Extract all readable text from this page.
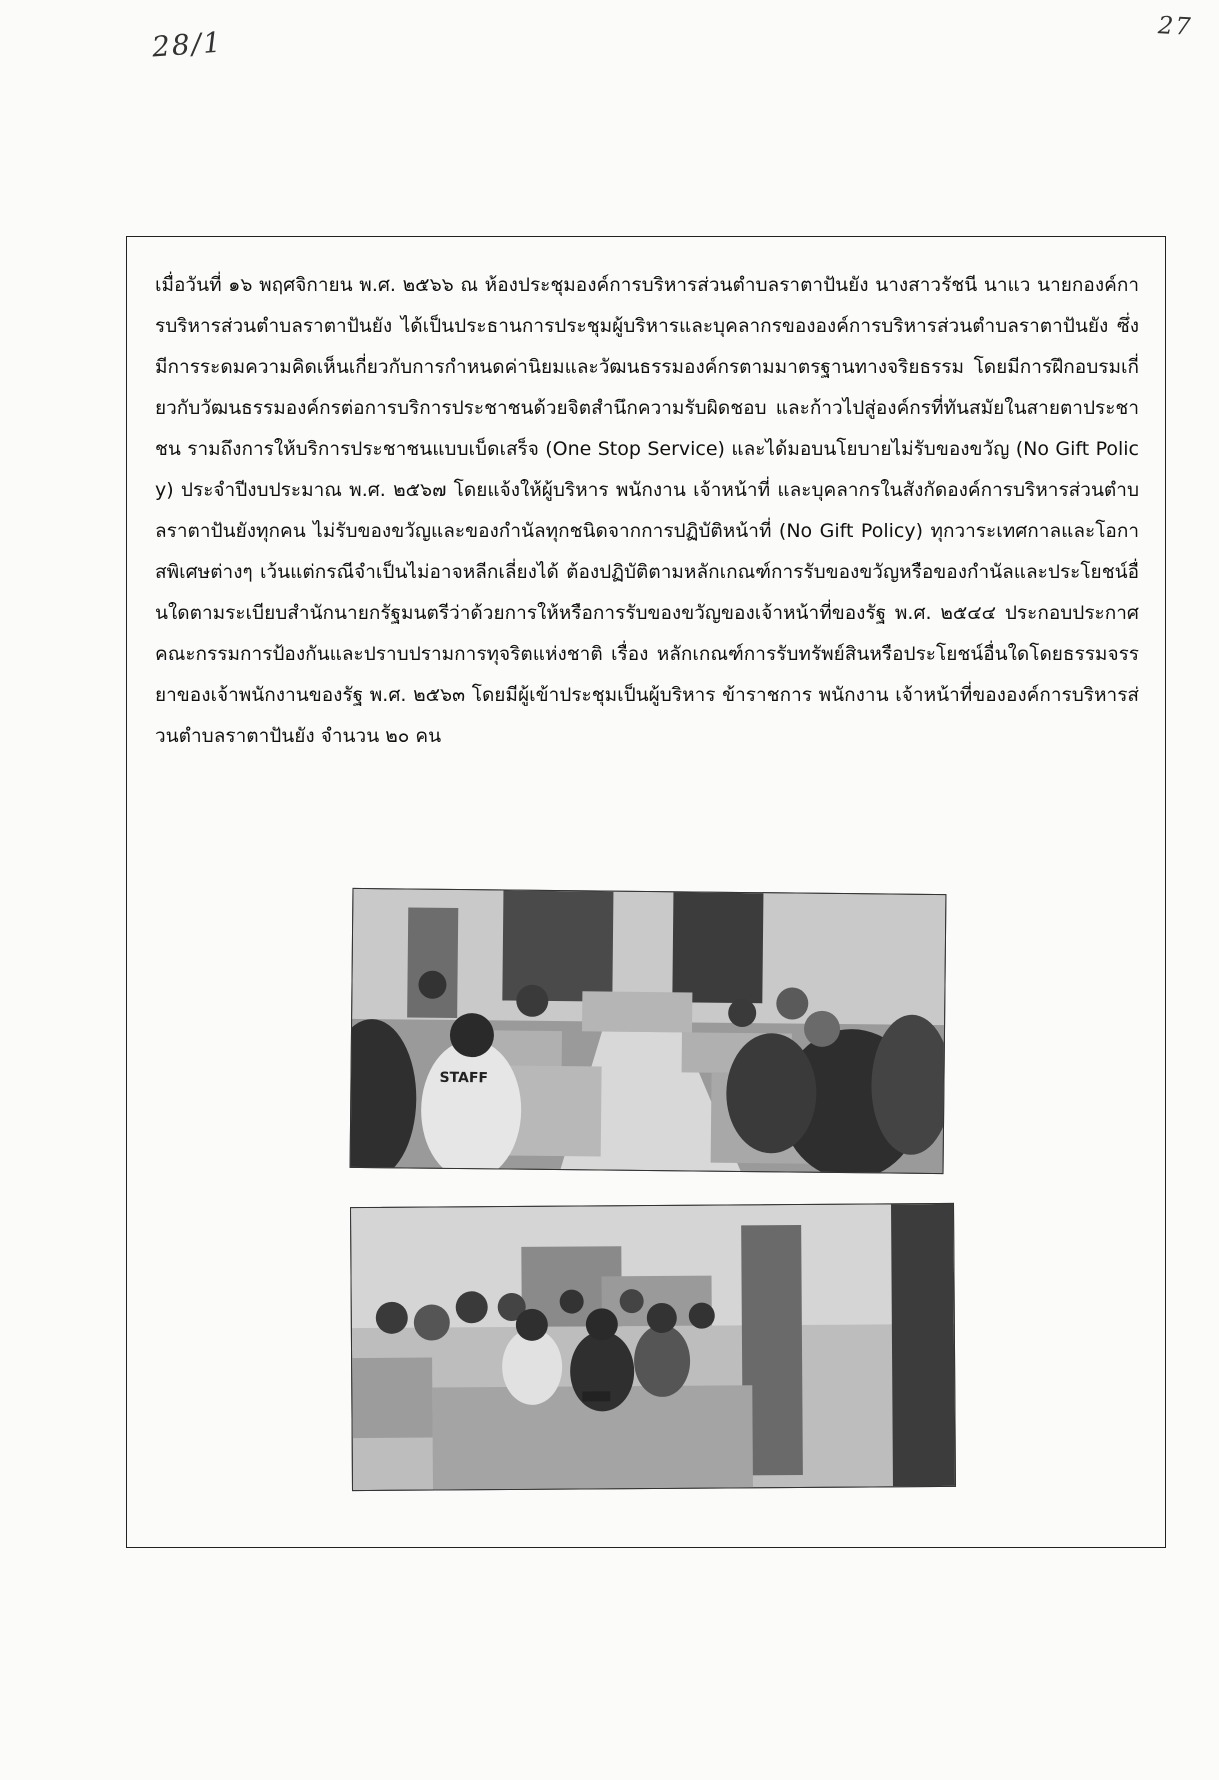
28/1	27
เมื่อวันที่ ๑๖ พฤศจิกายน พ.ศ. ๒๕๖๖ ณ ห้องประชุมองค์การบริหารส่วนตำบลราตาปันยัง นางสาวรัชนี นาแว นายกองค์การบริหารส่วนตำบลราตาปันยัง ได้เป็นประธานการประชุมผู้บริหารและบุคลากรขององค์การบริหารส่วนตำบลราตาปันยัง ซึ่งมีการระดมความคิดเห็นเกี่ยวกับการกำหนดค่านิยมและวัฒนธรรมองค์กรตามมาตรฐานทางจริยธรรม โดยมีการฝึกอบรมเกี่ยวกับวัฒนธรรมองค์กรต่อการบริการประชาชนด้วยจิตสำนึกความรับผิดชอบ และก้าวไปสู่องค์กรที่ทันสมัยในสายตาประชาชน รามถึงการให้บริการประชาชนแบบเบ็ดเสร็จ (One Stop Service) และได้มอบนโยบายไม่รับของขวัญ (No Gift Policy) ประจำปีงบประมาณ พ.ศ. ๒๕๖๗ โดยแจ้งให้ผู้บริหาร พนักงาน เจ้าหน้าที่ และบุคลากรในสังกัดองค์การบริหารส่วนตำบลราตาปันยังทุกคน ไม่รับของขวัญและของกำนัลทุกชนิดจากการปฏิบัติหน้าที่ (No Gift Policy) ทุกวาระเทศกาลและโอกาสพิเศษต่างๆ เว้นแต่กรณีจำเป็นไม่อาจหลีกเลี่ยงได้ ต้องปฏิบัติตามหลักเกณฑ์การรับของขวัญหรือของกำนัลและประโยชน์อื่นใดตามระเบียบสำนักนายกรัฐมนตรีว่าด้วยการให้หรือการรับของขวัญของเจ้าหน้าที่ของรัฐ พ.ศ. ๒๕๔๔ ประกอบประกาศคณะกรรมการป้องกันและปราบปรามการทุจริตแห่งชาติ เรื่อง หลักเกณฑ์การรับทรัพย์สินหรือประโยชน์อื่นใดโดยธรรมจรรยาของเจ้าพนักงานของรัฐ พ.ศ. ๒๕๖๓ โดยมีผู้เข้าประชุมเป็นผู้บริหาร ข้าราชการ พนักงาน เจ้าหน้าที่ขององค์การบริหารส่วนตำบลราตาปันยัง จำนวน ๒๐ คน
STAFF
